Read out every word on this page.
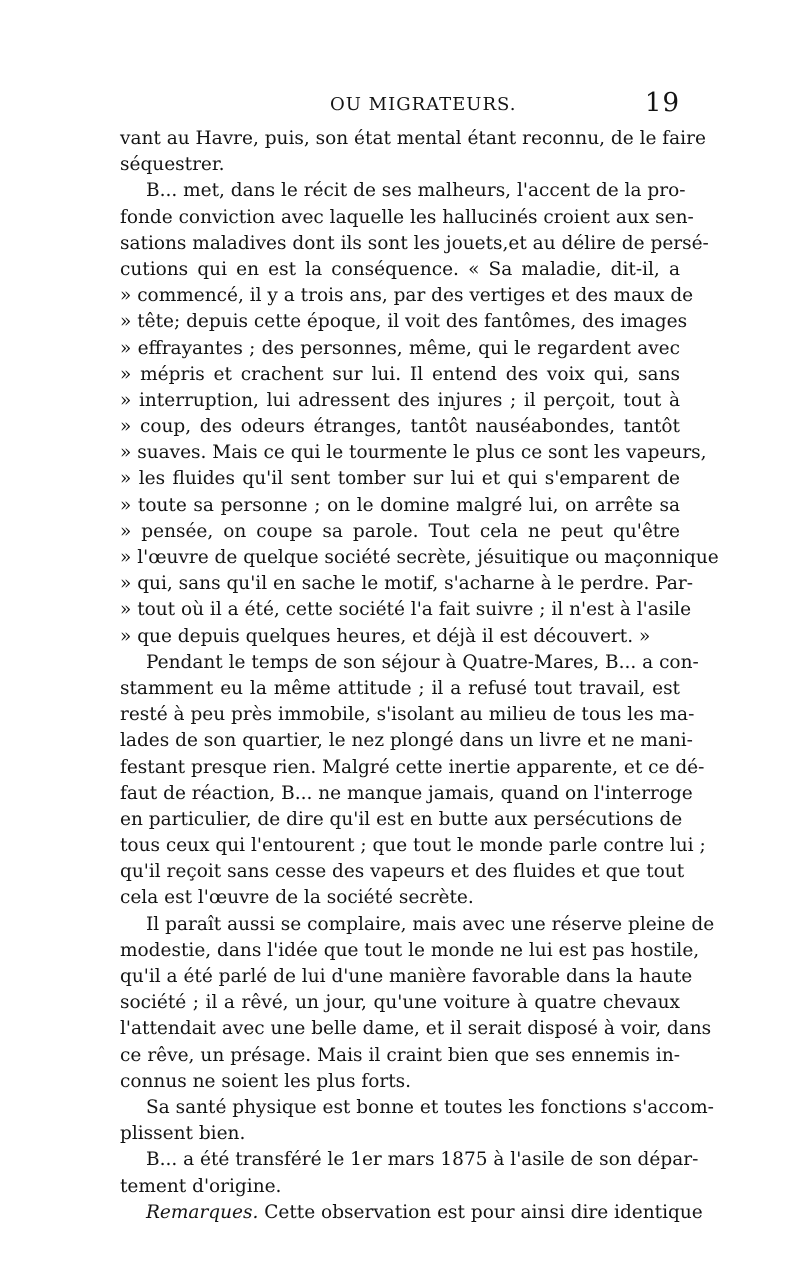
OU MIGRATEURS.	19
vant au Havre, puis, son état mental étant reconnu, de le faire
séquestrer.
B... met, dans le récit de ses malheurs, l'accent de la pro-
fonde conviction avec laquelle les hallucinés croient aux sen-
sations maladives dont ils sont les jouets,et au délire de persé-
cutions qui en est la conséquence. « Sa maladie, dit-il, a
» commencé, il y a trois ans, par des vertiges et des maux de
» tête; depuis cette époque, il voit des fantômes, des images
» effrayantes ; des personnes, même, qui le regardent avec
» mépris et crachent sur lui. Il entend des voix qui, sans
» interruption, lui adressent des injures ; il perçoit, tout à
» coup, des odeurs étranges, tantôt nauséabondes, tantôt
» suaves. Mais ce qui le tourmente le plus ce sont les vapeurs,
» les fluides qu'il sent tomber sur lui et qui s'emparent de
» toute sa personne ; on le domine malgré lui, on arrête sa
» pensée, on coupe sa parole. Tout cela ne peut qu'être
» l'œuvre de quelque société secrète, jésuitique ou maçonnique
» qui, sans qu'il en sache le motif, s'acharne à le perdre. Par-
» tout où il a été, cette société l'a fait suivre ; il n'est à l'asile
» que depuis quelques heures, et déjà il est découvert. »
Pendant le temps de son séjour à Quatre-Mares, B... a con-
stamment eu la même attitude ; il a refusé tout travail, est
resté à peu près immobile, s'isolant au milieu de tous les ma-
lades de son quartier, le nez plongé dans un livre et ne mani-
festant presque rien. Malgré cette inertie apparente, et ce dé-
faut de réaction, B... ne manque jamais, quand on l'interroge
en particulier, de dire qu'il est en butte aux persécutions de
tous ceux qui l'entourent ; que tout le monde parle contre lui ;
qu'il reçoit sans cesse des vapeurs et des fluides et que tout
cela est l'œuvre de la société secrète.
Il paraît aussi se complaire, mais avec une réserve pleine de
modestie, dans l'idée que tout le monde ne lui est pas hostile,
qu'il a été parlé de lui d'une manière favorable dans la haute
société ; il a rêvé, un jour, qu'une voiture à quatre chevaux
l'attendait avec une belle dame, et il serait disposé à voir, dans
ce rêve, un présage. Mais il craint bien que ses ennemis in-
connus ne soient les plus forts.
Sa santé physique est bonne et toutes les fonctions s'accom-
plissent bien.
B... a été transféré le 1er mars 1875 à l'asile de son dépar-
tement d'origine.
Remarques. Cette observation est pour ainsi dire identique
